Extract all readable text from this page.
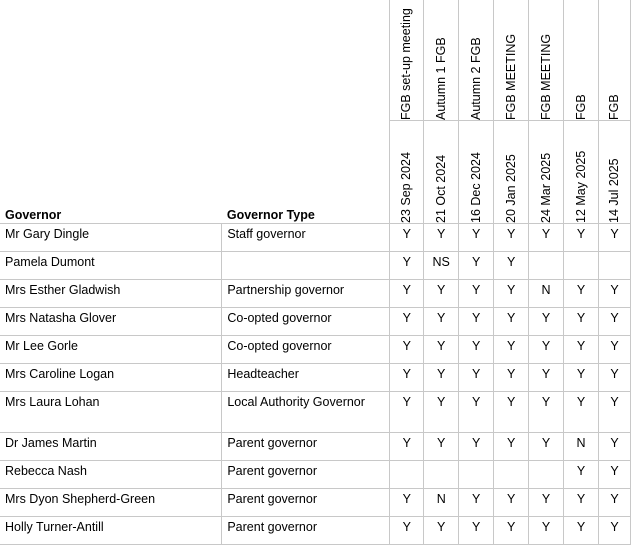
		FGB set-up meeting	Autumn 1 FGB	Autumn 2 FGB	FGB MEETING	FGB MEETING	FGB	FGB

Governor	Governor Type	23 Sep 2024	21 Oct 2024	16 Dec 2024	20 Jan 2025	24 Mar 2025	12 May 2025	14 Jul 2025

Mr Gary Dingle	Staff governor	Y	Y	Y	Y	Y	Y	Y
Pamela Dumont		Y	NS	Y	Y			
Mrs Esther Gladwish	Partnership governor	Y	Y	Y	Y	N	Y	Y
Mrs Natasha Glover	Co-opted governor	Y	Y	Y	Y	Y	Y	Y
Mr Lee Gorle	Co-opted governor	Y	Y	Y	Y	Y	Y	Y
Mrs Caroline Logan	Headteacher	Y	Y	Y	Y	Y	Y	Y
Mrs Laura Lohan	Local Authority Governor	Y	Y	Y	Y	Y	Y	Y
Dr James Martin	Parent governor	Y	Y	Y	Y	Y	N	Y
Rebecca Nash	Parent governor						Y	Y
Mrs Dyon Shepherd-Green	Parent governor	Y	N	Y	Y	Y	Y	Y
Holly Turner-Antill	Parent governor	Y	Y	Y	Y	Y	Y	Y
